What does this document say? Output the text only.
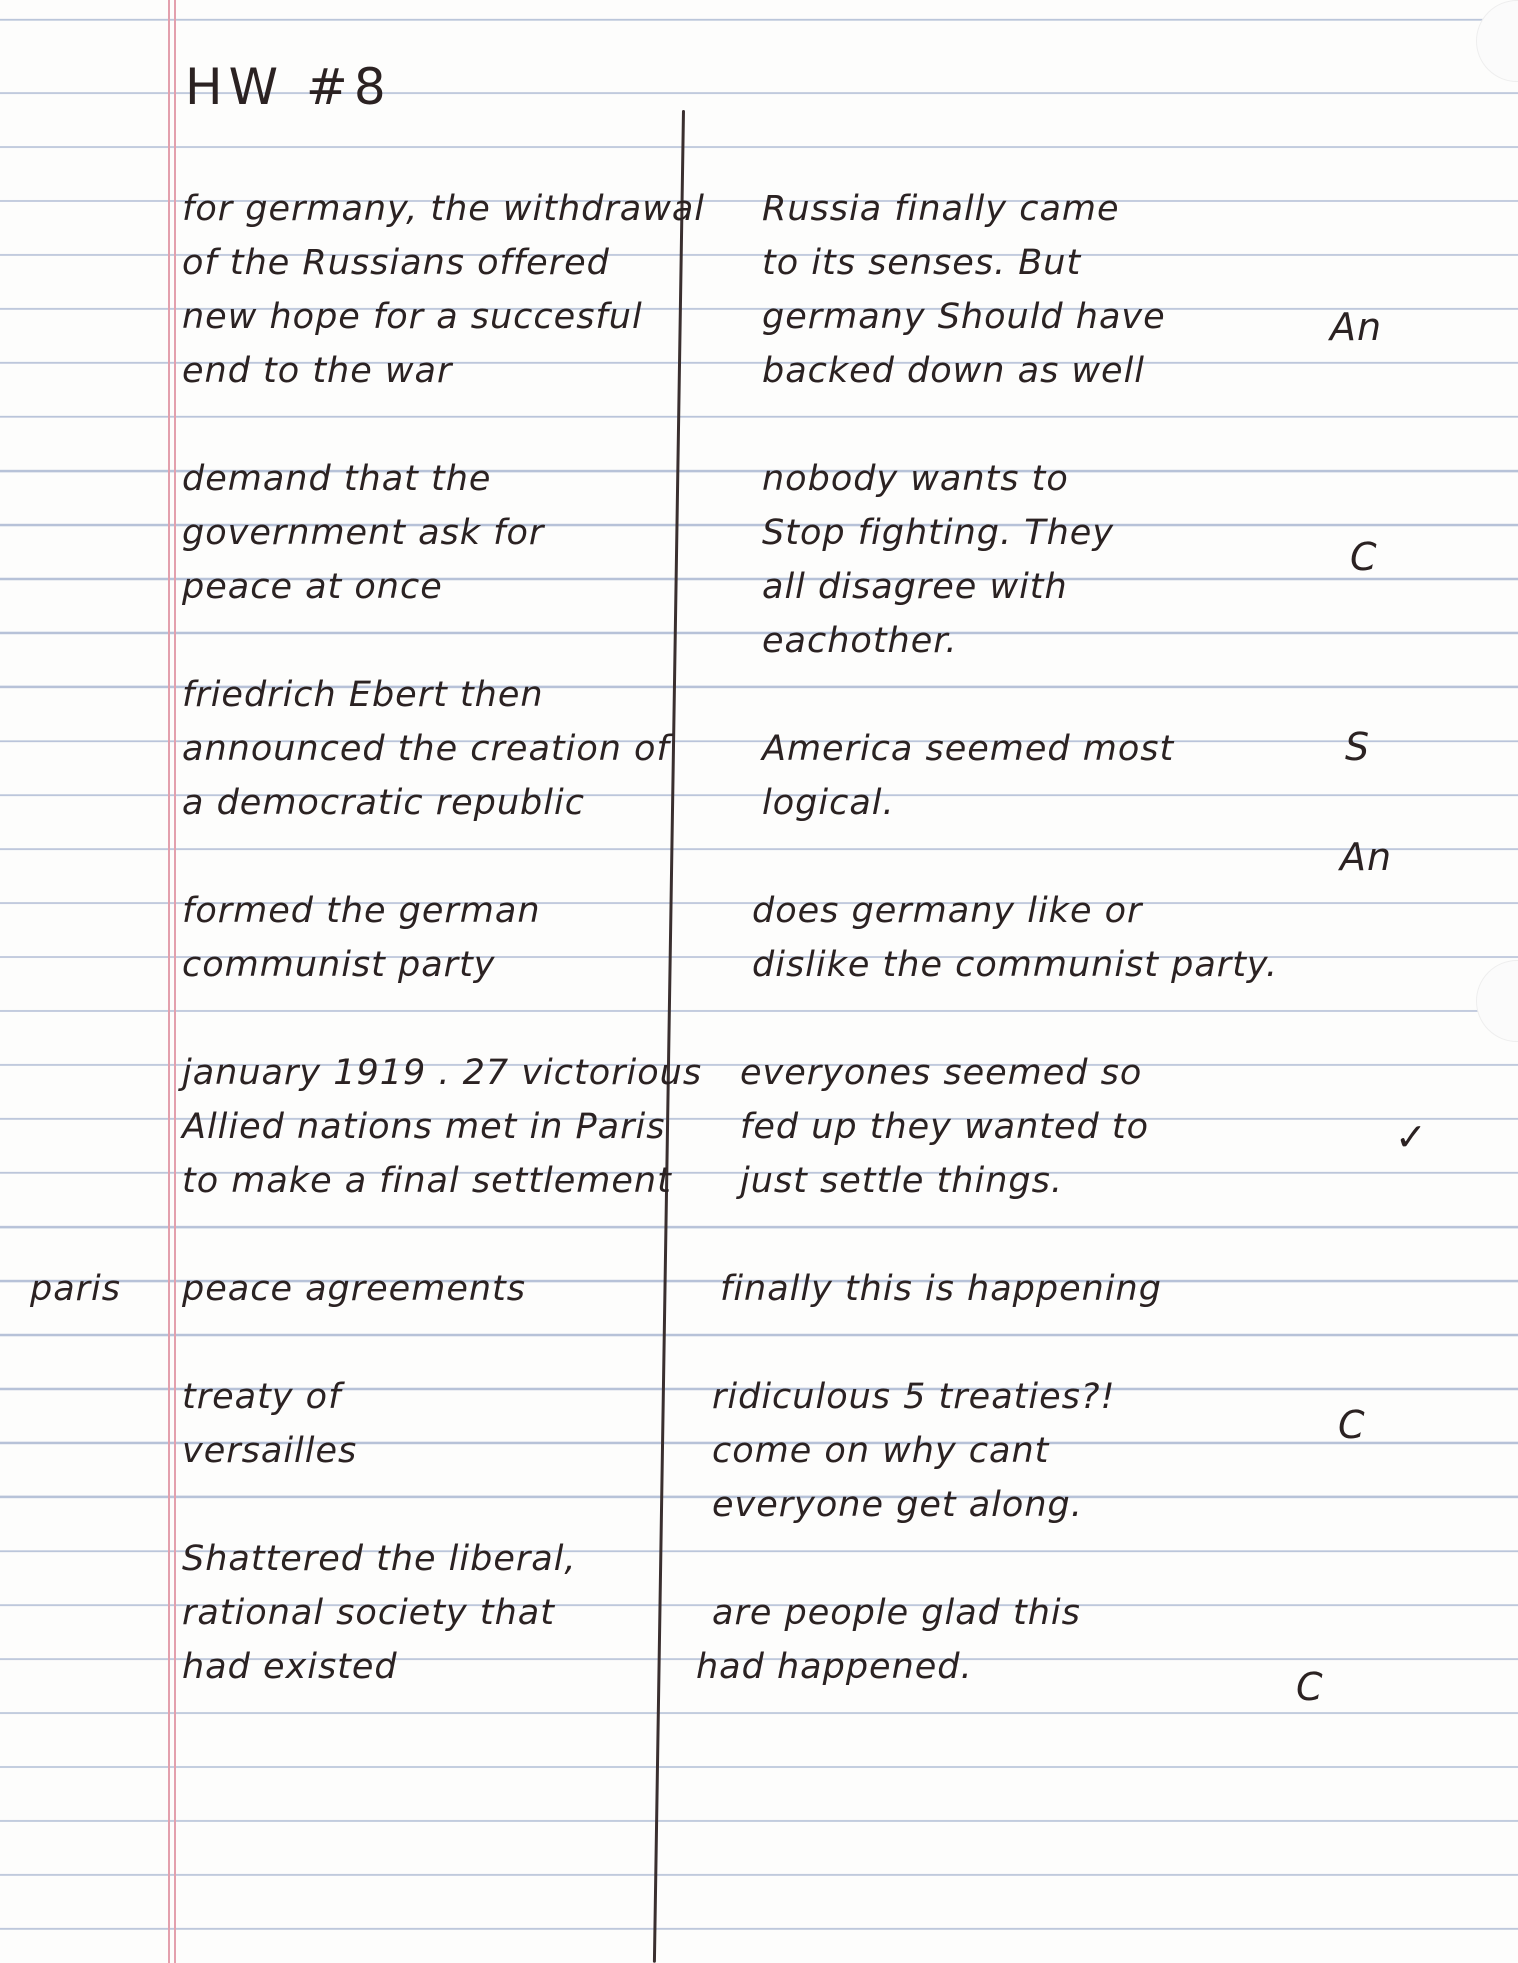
HW #8
for germany, the withdrawal
of the Russians offered
new hope for a succesful
end to the war
Russia finally came
to its senses. But
germany Should have
backed down as well
An
demand that the
government ask for
peace at once
nobody wants to
Stop fighting. They
all disagree with
eachother.
C
friedrich Ebert then
announced the creation of
a democratic republic
America seemed most
logical.
S
formed the german
communist party
does germany like or
dislike the communist party.
An
january 1919 . 27 victorious
Allied nations met in Paris
to make a final settlement
everyones seemed so
fed up they wanted to
just settle things.
✓
paris peace agreements	finally this is happening
treaty of
versailles
ridiculous 5 treaties?!
come on why cant
everyone get along.
C
Shattered the liberal,
rational society that
had existed
are people glad this
had happened.	C
